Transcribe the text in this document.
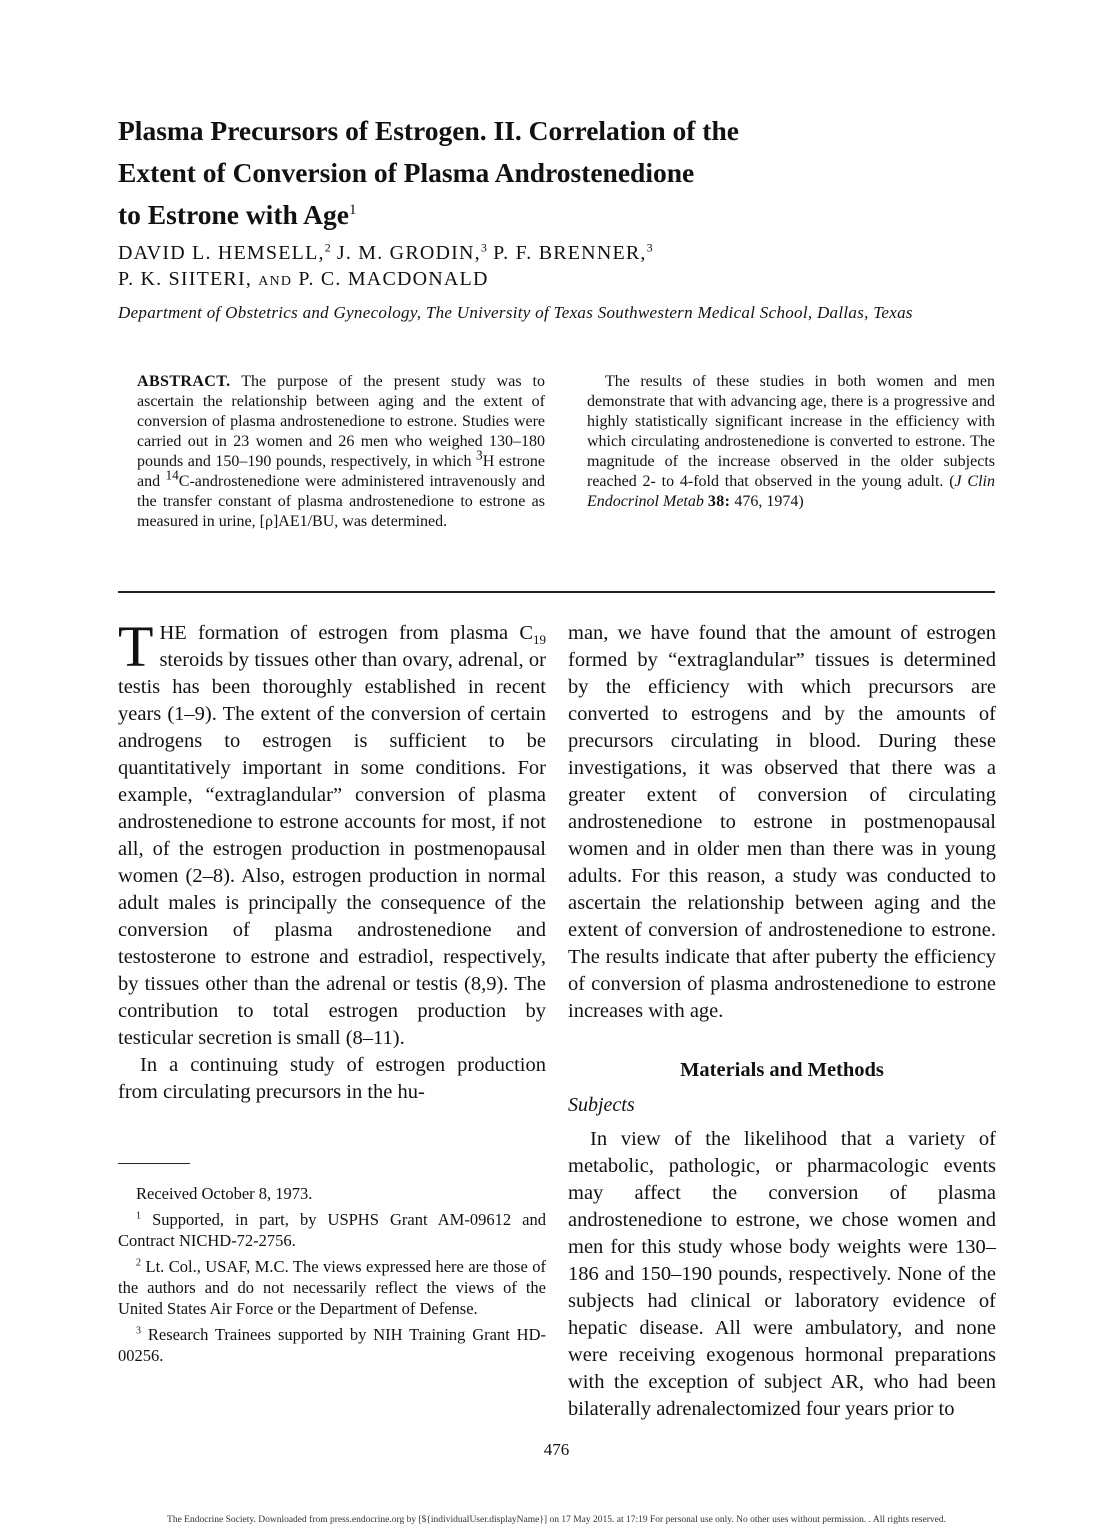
Plasma Precursors of Estrogen. II. Correlation of the
Extent of Conversion of Plasma Androstenedione
to Estrone with Age$^1$
DAVID L. HEMSELL,$^2$ J. M. GRODIN,$^3$ P. F. BRENNER,$^3$
P. K. SIITERI, AND P. C. MACDONALD
Department of Obstetrics and Gynecology, The University of Texas Southwestern Medical School, Dallas, Texas

ABSTRACT. The purpose of the present study was to ascertain the relationship between aging and the extent of conversion of plasma androstenedione to estrone. Studies were carried out in 23 women and 26 men who weighed 130–180 pounds and 150–190 pounds, respectively, in which $^3$H estrone and $^{14}$C-androstenedione were administered intravenously and the transfer constant of plasma androstenedione to estrone as measured in urine, [ρ]AE1/BU, was determined.

The results of these studies in both women and men demonstrate that with advancing age, there is a progressive and highly statistically significant increase in the efficiency with which circulating androstenedione is converted to estrone. The magnitude of the increase observed in the older subjects reached 2- to 4-fold that observed in the young adult. (J Clin Endocrinol Metab 38: 476, 1974)

THE formation of estrogen from plasma $C_{19}$ steroids by tissues other than ovary, adrenal, or testis has been thoroughly established in recent years (1–9). The extent of the conversion of certain androgens to estrogen is sufficient to be quantitatively important in some conditions. For example, “extraglandular” conversion of plasma androstenedione to estrone accounts for most, if not all, of the estrogen production in postmenopausal women (2–8). Also, estrogen production in normal adult males is principally the consequence of the conversion of plasma androstenedione and testosterone to estrone and estradiol, respectively, by tissues other than the adrenal or testis (8,9). The contribution to total estrogen production by testicular secretion is small (8–11).

In a continuing study of estrogen production from circulating precursors in the hu-

man, we have found that the amount of estrogen formed by “extraglandular” tissues is determined by the efficiency with which precursors are converted to estrogens and by the amounts of precursors circulating in blood. During these investigations, it was observed that there was a greater extent of conversion of circulating androstenedione to estrone in postmenopausal women and in older men than there was in young adults. For this reason, a study was conducted to ascertain the relationship between aging and the extent of conversion of androstenedione to estrone. The results indicate that after puberty the efficiency of conversion of plasma androstenedione to estrone increases with age.

Materials and Methods
Subjects

In view of the likelihood that a variety of metabolic, pathologic, or pharmacologic events may affect the conversion of plasma androstenedione to estrone, we chose women and men for this study whose body weights were 130–186 and 150–190 pounds, respectively. None of the subjects had clinical or laboratory evidence of hepatic disease. All were ambulatory, and none were receiving exogenous hormonal preparations with the exception of subject AR, who had been bilaterally adrenalectomized four years prior to

Received October 8, 1973.

$^1$ Supported, in part, by USPHS Grant AM-09612 and Contract NICHD-72-2756.

$^2$ Lt. Col., USAF, M.C. The views expressed here are those of the authors and do not necessarily reflect the views of the United States Air Force or the Department of Defense.

$^3$ Research Trainees supported by NIH Training Grant HD-00256.

476
The Endocrine Society. Downloaded from press.endocrine.org by [${individualUser.displayName}] on 17 May 2015. at 17:19 For personal use only. No other uses without permission. . All rights reserved.
